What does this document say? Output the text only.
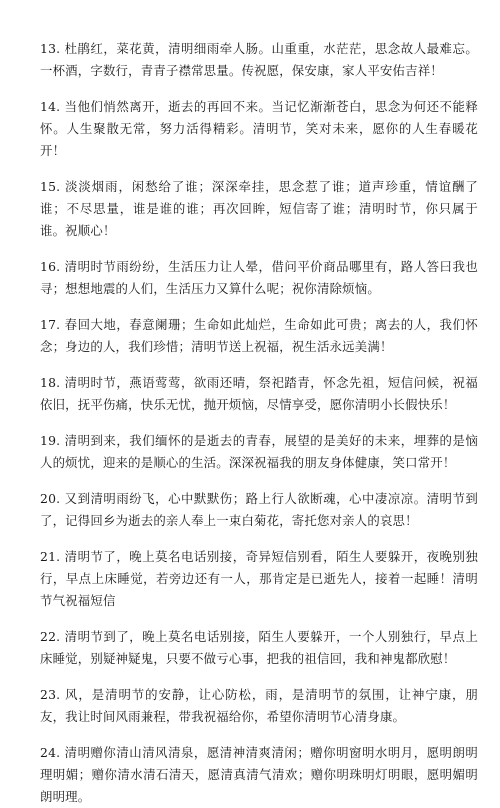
13. 杜鹃红，菜花黄，清明细雨牵人肠。山重重，水茫茫，思念故人最难忘。一杯酒，字数行，青青子襟常思量。传祝愿，保安康，家人平安佑吉祥！

14. 当他们悄然离开，逝去的再回不来。当记忆渐渐苍白，思念为何还不能释怀。人生聚散无常，努力活得精彩。清明节，笑对未来，愿你的人生春暖花开！

15. 淡淡烟雨，闲愁给了谁；深深牵挂，思念惹了谁；道声珍重，情谊酬了谁；不尽思量，谁是谁的谁；再次回眸，短信寄了谁；清明时节，你只属于谁。祝顺心！

16. 清明时节雨纷纷，生活压力让人晕，借问平价商品哪里有，路人答曰我也寻；想想地震的人们，生活压力又算什么呢；祝你清除烦恼。

17. 春回大地，春意阑珊；生命如此灿烂，生命如此可贵；离去的人，我们怀念；身边的人，我们珍惜；清明节送上祝福，祝生活永远美满！

18. 清明时节，燕语莺莺，欲雨还晴，祭祀踏青，怀念先祖，短信问候，祝福依旧，抚平伤痛，快乐无忧，抛开烦恼，尽情享受，愿你清明小长假快乐！

19. 清明到来，我们缅怀的是逝去的青春，展望的是美好的未来，埋葬的是恼人的烦忧，迎来的是顺心的生活。深深祝福我的朋友身体健康，笑口常开！

20. 又到清明雨纷飞，心中默默伤；路上行人欲断魂，心中凄凉凉。清明节到了，记得回乡为逝去的亲人奉上一束白菊花，寄托您对亲人的哀思！

21. 清明节了，晚上莫名电话别接，奇异短信别看，陌生人要躲开，夜晚别独行，早点上床睡觉，若旁边还有一人，那肯定是已逝先人，接着一起睡！清明节气祝福短信

22. 清明节到了，晚上莫名电话别接，陌生人要躲开，一个人别独行，早点上床睡觉，别疑神疑鬼，只要不做亏心事，把我的祖信回，我和神鬼都欣慰！

23. 风，是清明节的安静，让心防松，雨，是清明节的氛围，让神宁康，朋友，我让时间风雨兼程，带我祝福给你，希望你清明节心清身康。

24. 清明赠你清山清风清泉，愿清神清爽清闲；赠你明窗明水明月，愿明朗明理明媚；赠你清水清石清天，愿清真清气清欢；赠你明珠明灯明眼，愿明媚明朗明理。
